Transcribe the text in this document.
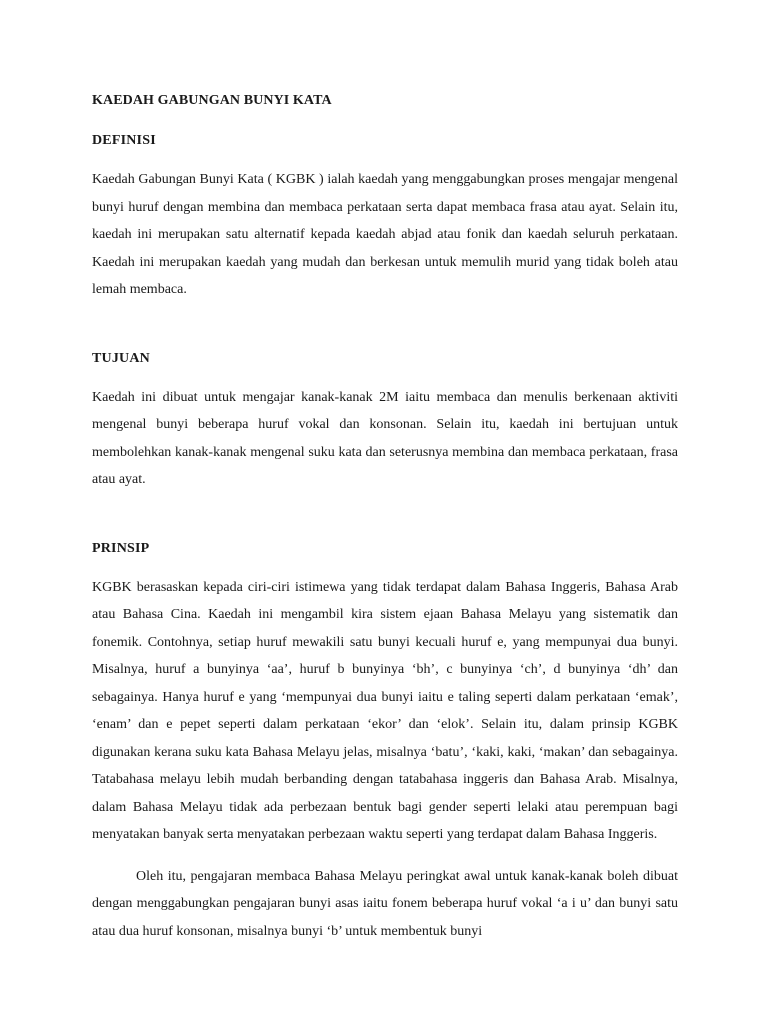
KAEDAH GABUNGAN BUNYI KATA
DEFINISI

Kaedah Gabungan Bunyi Kata ( KGBK ) ialah kaedah yang menggabungkan proses mengajar mengenal bunyi huruf dengan membina dan membaca perkataan serta dapat membaca frasa atau ayat. Selain itu, kaedah ini merupakan satu alternatif kepada kaedah abjad atau fonik dan kaedah seluruh perkataan. Kaedah ini merupakan kaedah yang mudah dan berkesan untuk memulih murid yang tidak boleh atau lemah membaca.

TUJUAN

Kaedah ini dibuat untuk mengajar kanak-kanak 2M iaitu membaca dan menulis berkenaan aktiviti mengenal bunyi beberapa huruf vokal dan konsonan. Selain itu, kaedah ini bertujuan untuk membolehkan kanak-kanak mengenal suku kata dan seterusnya membina dan membaca perkataan, frasa atau ayat.

PRINSIP

KGBK berasaskan kepada ciri-ciri istimewa yang tidak terdapat dalam Bahasa Inggeris, Bahasa Arab atau Bahasa Cina. Kaedah ini mengambil kira sistem ejaan Bahasa Melayu yang sistematik dan fonemik. Contohnya, setiap huruf mewakili satu bunyi kecuali huruf e, yang mempunyai dua bunyi. Misalnya, huruf a bunyinya ‘aa’, huruf b bunyinya ‘bh’, c bunyinya ‘ch’, d bunyinya ‘dh’ dan sebagainya. Hanya huruf e yang ‘mempunyai dua bunyi iaitu e taling seperti dalam perkataan ‘emak’, ‘enam’ dan e pepet seperti dalam perkataan ‘ekor’ dan ‘elok’. Selain itu, dalam prinsip KGBK digunakan kerana suku kata Bahasa Melayu jelas, misalnya ‘batu’, ‘kaki, kaki, ‘makan’ dan sebagainya. Tatabahasa melayu lebih mudah berbanding dengan tatabahasa inggeris dan Bahasa Arab. Misalnya, dalam Bahasa Melayu tidak ada perbezaan bentuk bagi gender seperti lelaki atau perempuan bagi menyatakan banyak serta menyatakan perbezaan waktu seperti yang terdapat dalam Bahasa Inggeris.

Oleh itu, pengajaran membaca Bahasa Melayu peringkat awal untuk kanak-kanak boleh dibuat dengan menggabungkan pengajaran bunyi asas iaitu fonem beberapa huruf vokal ‘a i u’ dan bunyi satu atau dua huruf konsonan, misalnya bunyi ‘b’ untuk membentuk bunyi
